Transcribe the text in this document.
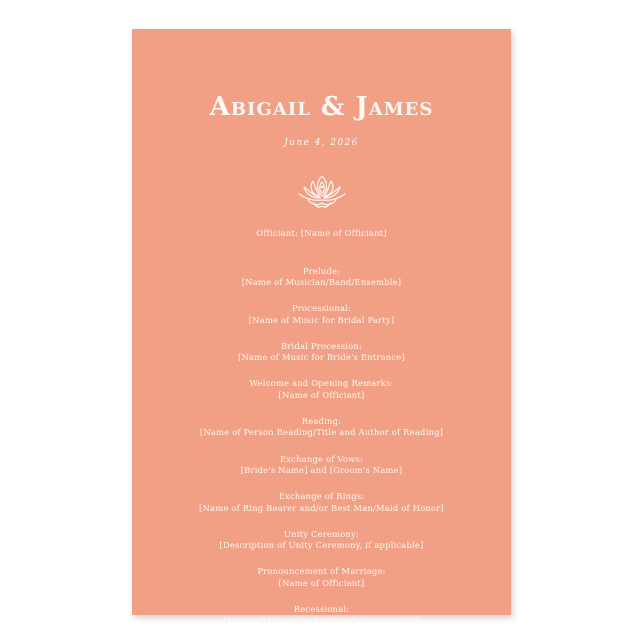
Abigail & James
June 4, 2026
Officiant: [Name of Officiant]
Prelude:
[Name of Musician/Band/Ensemble]
Processional:
[Name of Music for Bridal Party]
Bridal Procession:
[Name of Music for Bride's Entrance]
Welcome and Opening Remarks:
[Name of Officiant]
Reading:
[Name of Person Reading/Title and Author of Reading]
Exchange of Vows:
[Bride's Name] and [Groom's Name]
Exchange of Rings:
[Name of Ring Bearer and/or Best Man/Maid of Honor]
Unity Ceremony:
[Description of Unity Ceremony, if applicable]
Pronouncement of Marriage:
[Name of Officiant]
Recessional:
[Name of Music for Bride and Groom's Exit]
